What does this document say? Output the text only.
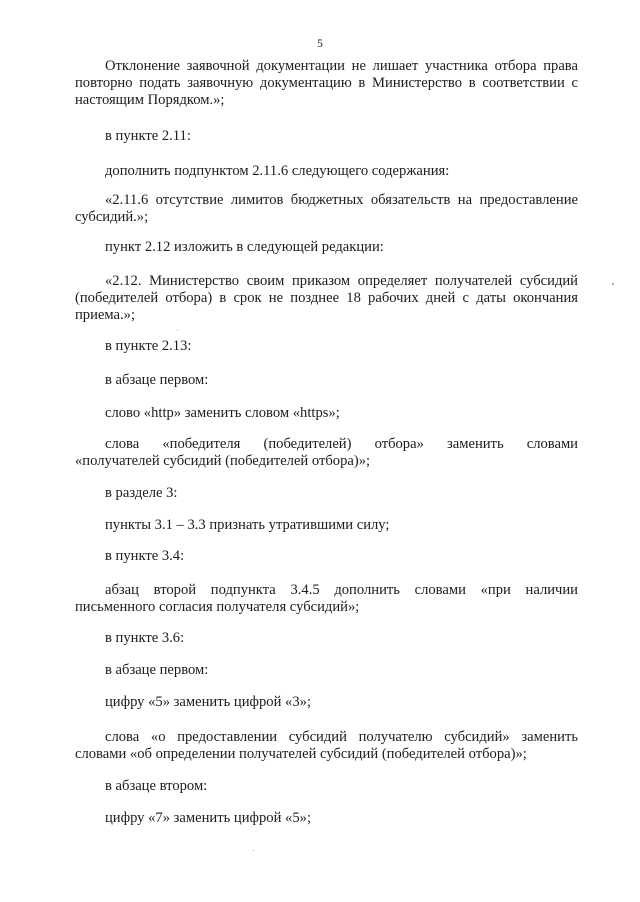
5
Отклонение заявочной документации не лишает участника отбора права
повторно подать заявочную документацию в Министерство в соответствии с
настоящим Порядком.»;
в пункте 2.11:
дополнить подпунктом 2.11.6 следующего содержания:
«2.11.6 отсутствие лимитов бюджетных обязательств на предоставление
субсидий.»;
пункт 2.12 изложить в следующей редакции:
«2.12. Министерство своим приказом определяет получателей субсидий
(победителей отбора) в срок не позднее 18 рабочих дней с даты окончания
приема.»;
в пункте 2.13:
в абзаце первом:
слово «http» заменить словом «https»;
слова «победителя (победителей) отбора» заменить словами
«получателей субсидий (победителей отбора)»;
в разделе 3:
пункты 3.1 – 3.3 признать утратившими силу;
в пункте 3.4:
абзац второй подпункта 3.4.5 дополнить словами «при наличии
письменного согласия получателя субсидий»;
в пункте 3.6:
в абзаце первом:
цифру «5» заменить цифрой «3»;
слова «о предоставлении субсидий получателю субсидий» заменить
словами «об определении получателей субсидий (победителей отбора)»;
в абзаце втором:
цифру «7» заменить цифрой «5»;
